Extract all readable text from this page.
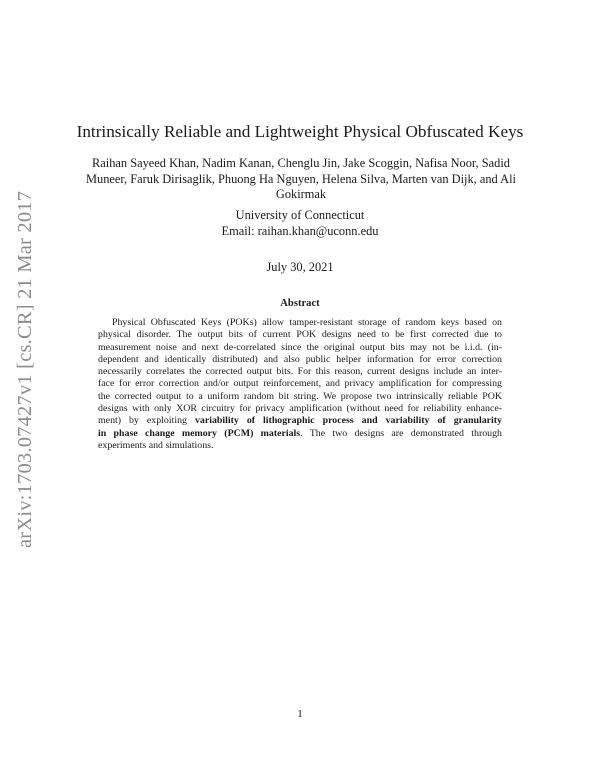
arXiv:1703.07427v1 [cs.CR] 21 Mar 2017
Intrinsically Reliable and Lightweight Physical Obfuscated Keys
Raihan Sayeed Khan, Nadim Kanan, Chenglu Jin, Jake Scoggin, Nafisa Noor, Sadid
Muneer, Faruk Dirisaglik, Phuong Ha Nguyen, Helena Silva, Marten van Dijk, and Ali
Gokirmak
University of Connecticut
Email: raihan.khan@uconn.edu
July 30, 2021
Abstract
Physical Obfuscated Keys (POKs) allow tamper-resistant storage of random keys based on
physical disorder. The output bits of current POK designs need to be first corrected due to
measurement noise and next de-correlated since the original output bits may not be i.i.d. (in-
dependent and identically distributed) and also public helper information for error correction
necessarily correlates the corrected output bits. For this reason, current designs include an inter-
face for error correction and/or output reinforcement, and privacy amplification for compressing
the corrected output to a uniform random bit string. We propose two intrinsically reliable POK
designs with only XOR circuitry for privacy amplification (without need for reliability enhance-
ment) by exploiting variability of lithographic process and variability of granularity
in phase change memory (PCM) materials. The two designs are demonstrated through
experiments and simulations.
1
